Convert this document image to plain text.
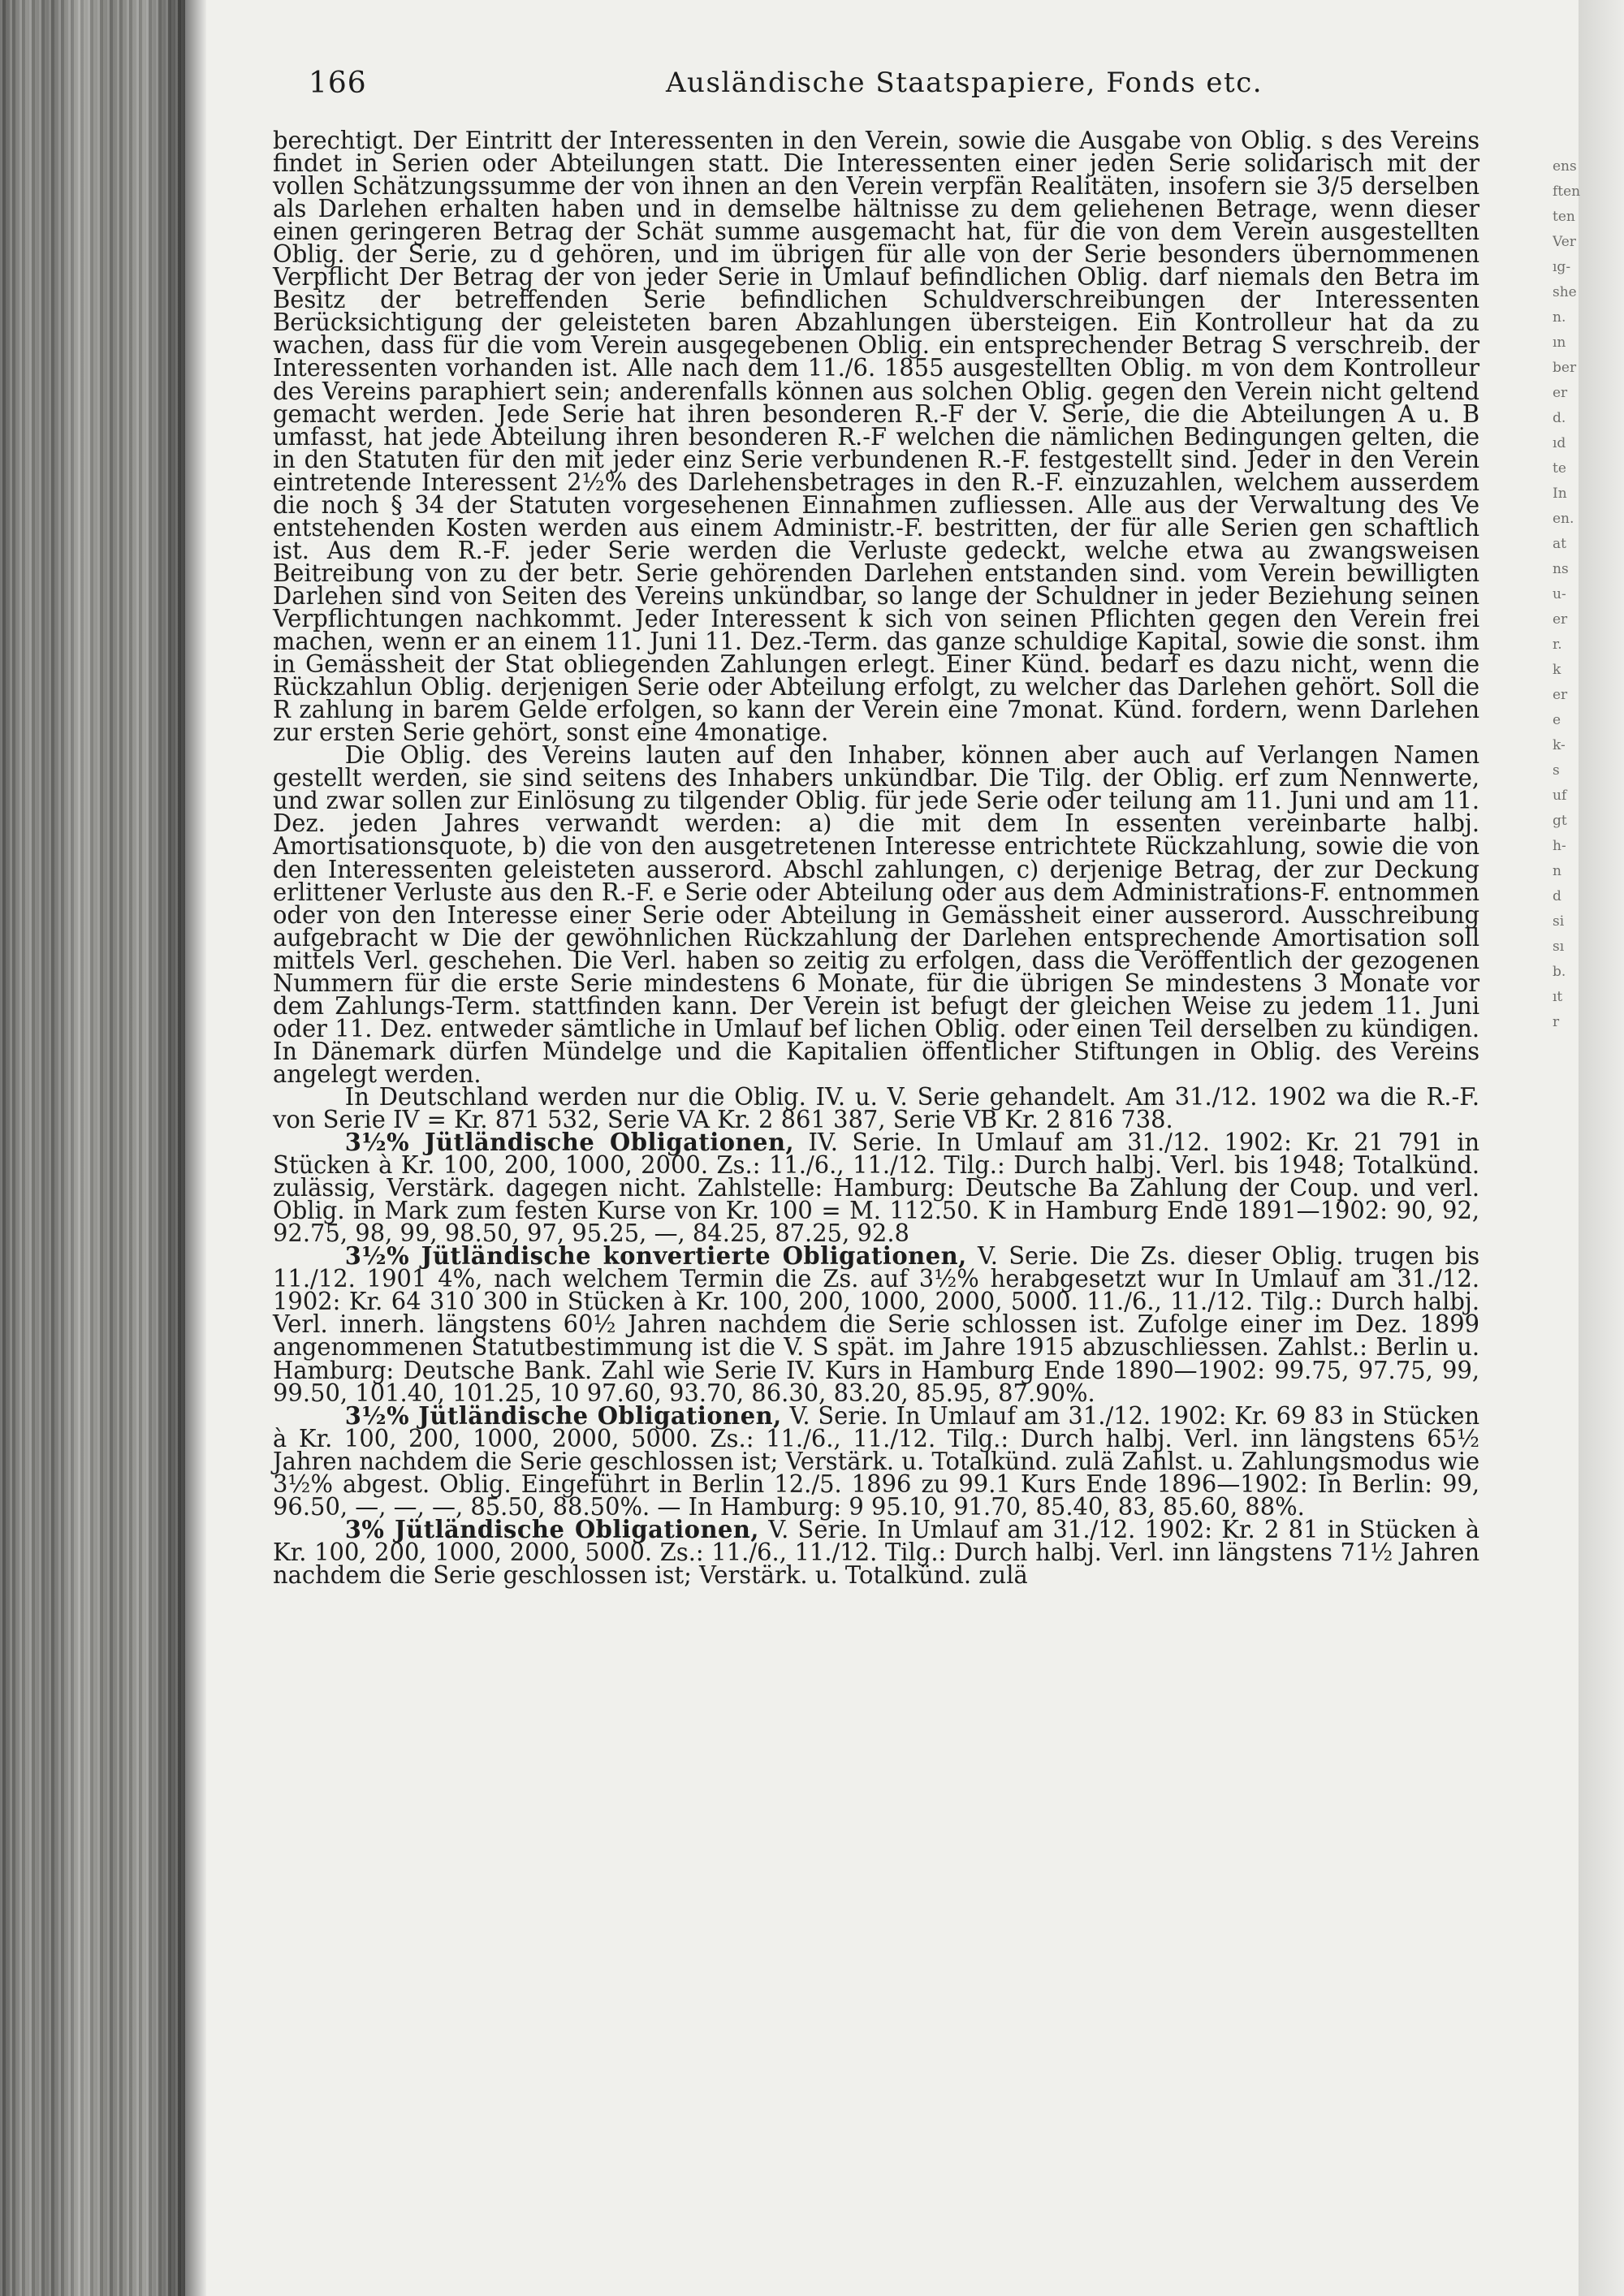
ens
ften
ten
Ver
ıg-
she
n.
ın
ber
er
d.
ıd
te
In
en.
at
ns
u-
er
r.
k
er
e
k-
s
uf
gt
h-
n
d
si
sı
b.
ıt
r
166	Ausländische Staatspapiere, Fonds etc.

berechtigt. Der Eintritt der Interessenten in den Verein, sowie die Ausgabe von Oblig. s des Vereins findet in Serien oder Abteilungen statt. Die Interessenten einer jeden Serie solidarisch mit der vollen Schätzungssumme der von ihnen an den Verein verpfän Realitäten, insofern sie 3/5 derselben als Darlehen erhalten haben und in demselbe hältnisse zu dem geliehenen Betrage, wenn dieser einen geringeren Betrag der Schät summe ausgemacht hat, für die von dem Verein ausgestellten Oblig. der Serie, zu d gehören, und im übrigen für alle von der Serie besonders übernommenen Verpflicht Der Betrag der von jeder Serie in Umlauf befindlichen Oblig. darf niemals den Betra im Besitz der betreffenden Serie befindlichen Schuldverschreibungen der Interessenten Berücksichtigung der geleisteten baren Abzahlungen übersteigen. Ein Kontrolleur hat da zu wachen, dass für die vom Verein ausgegebenen Oblig. ein entsprechender Betrag S verschreib. der Interessenten vorhanden ist. Alle nach dem 11./6. 1855 ausgestellten Oblig. m von dem Kontrolleur des Vereins paraphiert sein; anderenfalls können aus solchen Oblig. gegen den Verein nicht geltend gemacht werden. Jede Serie hat ihren besonderen R.-F der V. Serie, die die Abteilungen A u. B umfasst, hat jede Abteilung ihren besonderen R.-F welchen die nämlichen Bedingungen gelten, die in den Statuten für den mit jeder einz Serie verbundenen R.-F. festgestellt sind. Jeder in den Verein eintretende Interessent 2½% des Darlehensbetrages in den R.-F. einzuzahlen, welchem ausserdem die noch § 34 der Statuten vorgesehenen Einnahmen zufliessen. Alle aus der Verwaltung des Ve entstehenden Kosten werden aus einem Administr.-F. bestritten, der für alle Serien gen schaftlich ist. Aus dem R.-F. jeder Serie werden die Verluste gedeckt, welche etwa au zwangsweisen Beitreibung von zu der betr. Serie gehörenden Darlehen entstanden sind. vom Verein bewilligten Darlehen sind von Seiten des Vereins unkündbar, so lange der Schuldner in jeder Beziehung seinen Verpflichtungen nachkommt. Jeder Interessent k sich von seinen Pflichten gegen den Verein frei machen, wenn er an einem 11. Juni 11. Dez.-Term. das ganze schuldige Kapital, sowie die sonst. ihm in Gemässheit der Stat obliegenden Zahlungen erlegt. Einer Künd. bedarf es dazu nicht, wenn die Rückzahlun Oblig. derjenigen Serie oder Abteilung erfolgt, zu welcher das Darlehen gehört. Soll die R zahlung in barem Gelde erfolgen, so kann der Verein eine 7monat. Künd. fordern, wenn Darlehen zur ersten Serie gehört, sonst eine 4monatige.

Die Oblig. des Vereins lauten auf den Inhaber, können aber auch auf Verlangen Namen gestellt werden, sie sind seitens des Inhabers unkündbar. Die Tilg. der Oblig. erf zum Nennwerte, und zwar sollen zur Einlösung zu tilgender Oblig. für jede Serie oder teilung am 11. Juni und am 11. Dez. jeden Jahres verwandt werden: a) die mit dem In essenten vereinbarte halbj. Amortisationsquote, b) die von den ausgetretenen Interesse entrichtete Rückzahlung, sowie die von den Interessenten geleisteten ausserord. Abschl zahlungen, c) derjenige Betrag, der zur Deckung erlittener Verluste aus den R.-F. e Serie oder Abteilung oder aus dem Administrations-F. entnommen oder von den Interesse einer Serie oder Abteilung in Gemässheit einer ausserord. Ausschreibung aufgebracht w Die der gewöhnlichen Rückzahlung der Darlehen entsprechende Amortisation soll mittels Verl. geschehen. Die Verl. haben so zeitig zu erfolgen, dass die Veröffentlich der gezogenen Nummern für die erste Serie mindestens 6 Monate, für die übrigen Se mindestens 3 Monate vor dem Zahlungs-Term. stattfinden kann. Der Verein ist befugt der gleichen Weise zu jedem 11. Juni oder 11. Dez. entweder sämtliche in Umlauf bef lichen Oblig. oder einen Teil derselben zu kündigen. In Dänemark dürfen Mündelge und die Kapitalien öffentlicher Stiftungen in Oblig. des Vereins angelegt werden.

In Deutschland werden nur die Oblig. IV. u. V. Serie gehandelt. Am 31./12. 1902 wa die R.-F. von Serie IV = Kr. 871 532, Serie VA Kr. 2 861 387, Serie VB Kr. 2 816 738.

3½% Jütländische Obligationen, IV. Serie. In Umlauf am 31./12. 1902: Kr. 21 791 in Stücken à Kr. 100, 200, 1000, 2000. Zs.: 11./6., 11./12. Tilg.: Durch halbj. Verl. bis 1948; Totalkünd. zulässig, Verstärk. dagegen nicht. Zahlstelle: Hamburg: Deutsche Ba Zahlung der Coup. und verl. Oblig. in Mark zum festen Kurse von Kr. 100 = M. 112.50. K in Hamburg Ende 1891—1902: 90, 92, 92.75, 98, 99, 98.50, 97, 95.25, —, 84.25, 87.25, 92.8

3½% Jütländische konvertierte Obligationen, V. Serie. Die Zs. dieser Oblig. trugen bis 11./12. 1901 4%, nach welchem Termin die Zs. auf 3½% herabgesetzt wur In Umlauf am 31./12. 1902: Kr. 64 310 300 in Stücken à Kr. 100, 200, 1000, 2000, 5000. 11./6., 11./12. Tilg.: Durch halbj. Verl. innerh. längstens 60½ Jahren nachdem die Serie schlossen ist. Zufolge einer im Dez. 1899 angenommenen Statutbestimmung ist die V. S spät. im Jahre 1915 abzuschliessen. Zahlst.: Berlin u. Hamburg: Deutsche Bank. Zahl wie Serie IV. Kurs in Hamburg Ende 1890—1902: 99.75, 97.75, 99, 99.50, 101.40, 101.25, 10 97.60, 93.70, 86.30, 83.20, 85.95, 87.90%.

3½% Jütländische Obligationen, V. Serie. In Umlauf am 31./12. 1902: Kr. 69 83 in Stücken à Kr. 100, 200, 1000, 2000, 5000. Zs.: 11./6., 11./12. Tilg.: Durch halbj. Verl. inn längstens 65½ Jahren nachdem die Serie geschlossen ist; Verstärk. u. Totalkünd. zulä Zahlst. u. Zahlungsmodus wie 3½% abgest. Oblig. Eingeführt in Berlin 12./5. 1896 zu 99.1 Kurs Ende 1896—1902: In Berlin: 99, 96.50, —, —, —, 85.50, 88.50%. — In Hamburg: 9 95.10, 91.70, 85.40, 83, 85.60, 88%.

3% Jütländische Obligationen, V. Serie. In Umlauf am 31./12. 1902: Kr. 2 81 in Stücken à Kr. 100, 200, 1000, 2000, 5000. Zs.: 11./6., 11./12. Tilg.: Durch halbj. Verl. inn längstens 71½ Jahren nachdem die Serie geschlossen ist; Verstärk. u. Totalkünd. zulä
